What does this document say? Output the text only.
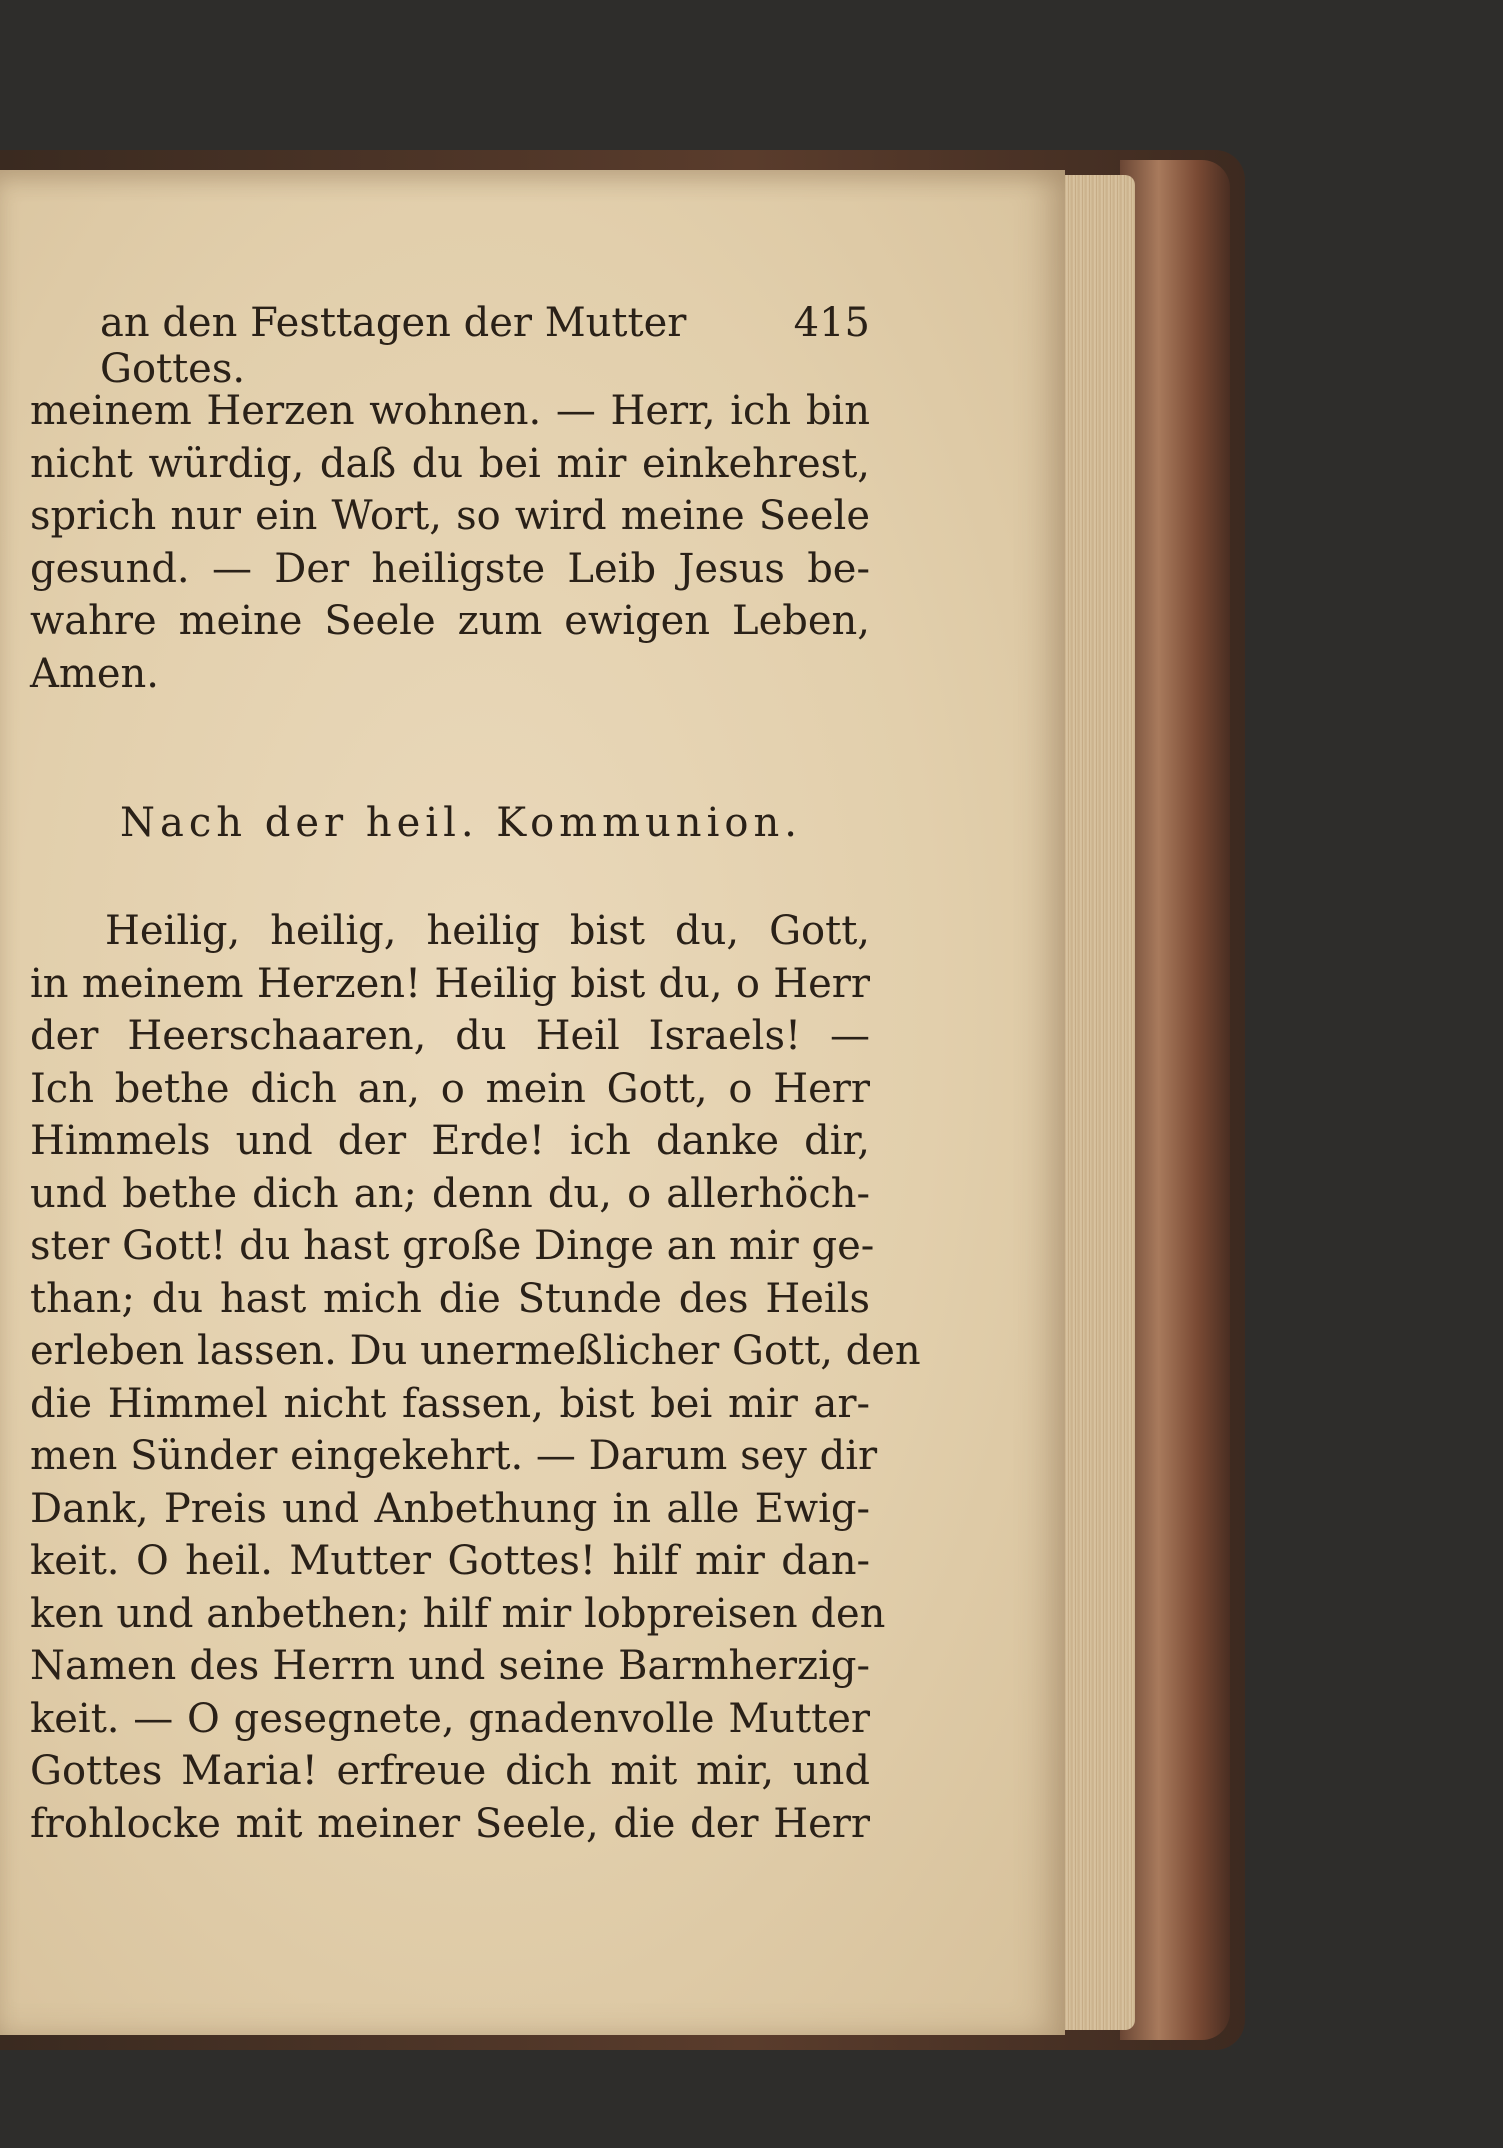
an den Festtagen der Mutter Gottes.
415
meinem Herzen wohnen. — Herr, ich bin
nicht würdig, daß du bei mir einkehrest,
sprich nur ein Wort, so wird meine Seele
gesund. — Der heiligste Leib Jesus be-
wahre meine Seele zum ewigen Leben,
Amen.
Nach der heil. Kommunion.
Heilig, heilig, heilig bist du, Gott,
in meinem Herzen! Heilig bist du, o Herr
der Heerschaaren, du Heil Israels! —
Ich bethe dich an, o mein Gott, o Herr
Himmels und der Erde! ich danke dir,
und bethe dich an; denn du, o allerhöch-
ster Gott! du hast große Dinge an mir ge-
than; du hast mich die Stunde des Heils
erleben lassen. Du unermeßlicher Gott, den
die Himmel nicht fassen, bist bei mir ar-
men Sünder eingekehrt. — Darum sey dir
Dank, Preis und Anbethung in alle Ewig-
keit. O heil. Mutter Gottes! hilf mir dan-
ken und anbethen; hilf mir lobpreisen den
Namen des Herrn und seine Barmherzig-
keit. — O gesegnete, gnadenvolle Mutter
Gottes Maria! erfreue dich mit mir, und
frohlocke mit meiner Seele, die der Herr
